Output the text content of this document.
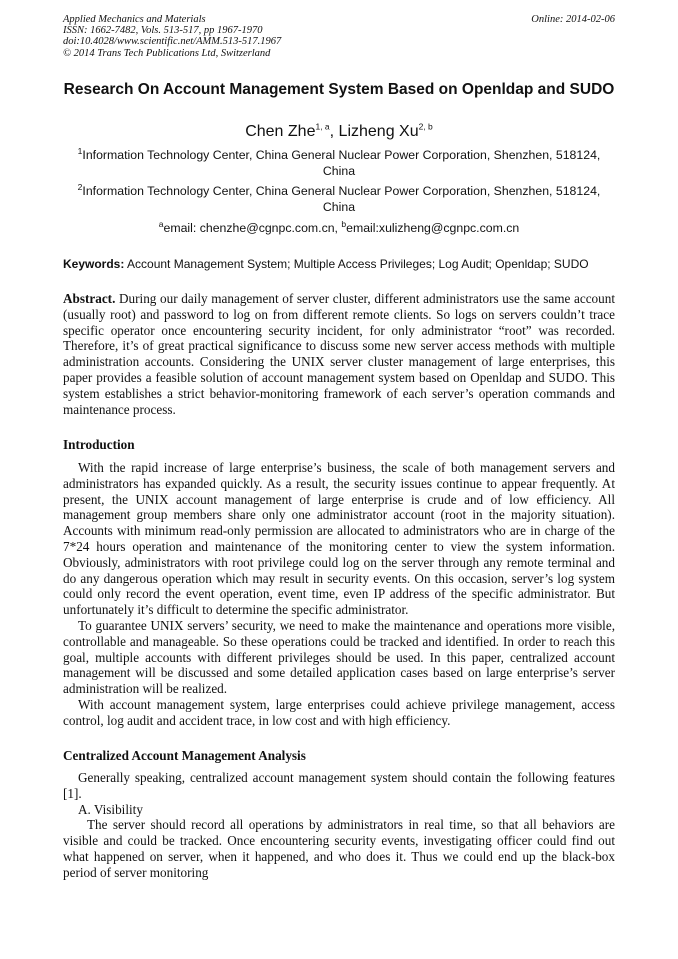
Applied Mechanics and Materials
ISSN: 1662-7482, Vols. 513-517, pp 1967-1970
doi:10.4028/www.scientific.net/AMM.513-517.1967
© 2014 Trans Tech Publications Ltd, Switzerland
Online: 2014-02-06
Research On Account Management System Based on Openldap and SUDO
Chen Zhe$^{1, a}$, Lizheng Xu$^{2, b}$
$^1$Information Technology Center, China General Nuclear Power Corporation, Shenzhen, 518124, China
$^2$Information Technology Center, China General Nuclear Power Corporation, Shenzhen, 518124, China
$^a$email: chenzhe@cgnpc.com.cn, $^b$email:xulizheng@cgnpc.com.cn
Keywords: Account Management System; Multiple Access Privileges; Log Audit; Openldap; SUDO

Abstract. During our daily management of server cluster, different administrators use the same account (usually root) and password to log on from different remote clients. So logs on servers couldn’t trace specific operator once encountering security incident, for only administrator “root” was recorded. Therefore, it’s of great practical significance to discuss some new server access methods with multiple administration accounts. Considering the UNIX server cluster management of large enterprises, this paper provides a feasible solution of account management system based on Openldap and SUDO. This system establishes a strict behavior-monitoring framework of each server’s operation commands and maintenance process.

Introduction

With the rapid increase of large enterprise’s business, the scale of both management servers and administrators has expanded quickly. As a result, the security issues continue to appear frequently. At present, the UNIX account management of large enterprise is crude and of low efficiency. All management group members share only one administrator account (root in the majority situation). Accounts with minimum read-only permission are allocated to administrators who are in charge of the 7*24 hours operation and maintenance of the monitoring center to view the system information. Obviously, administrators with root privilege could log on the server through any remote terminal and do any dangerous operation which may result in security events. On this occasion, server’s log system could only record the event operation, event time, even IP address of the specific administrator. But unfortunately it’s difficult to determine the specific administrator.

To guarantee UNIX servers’ security, we need to make the maintenance and operations more visible, controllable and manageable. So these operations could be tracked and identified. In order to reach this goal, multiple accounts with different privileges should be used. In this paper, centralized account management will be discussed and some detailed application cases based on large enterprise’s server administration will be realized.

With account management system, large enterprises could achieve privilege management, access control, log audit and accident trace, in low cost and with high efficiency.

Centralized Account Management Analysis

Generally speaking, centralized account management system should contain the following features [1].

A. Visibility

The server should record all operations by administrators in real time, so that all behaviors are visible and could be tracked. Once encountering security events, investigating officer could find out what happened on server, when it happened, and who does it. Thus we could end up the black-box period of server monitoring
